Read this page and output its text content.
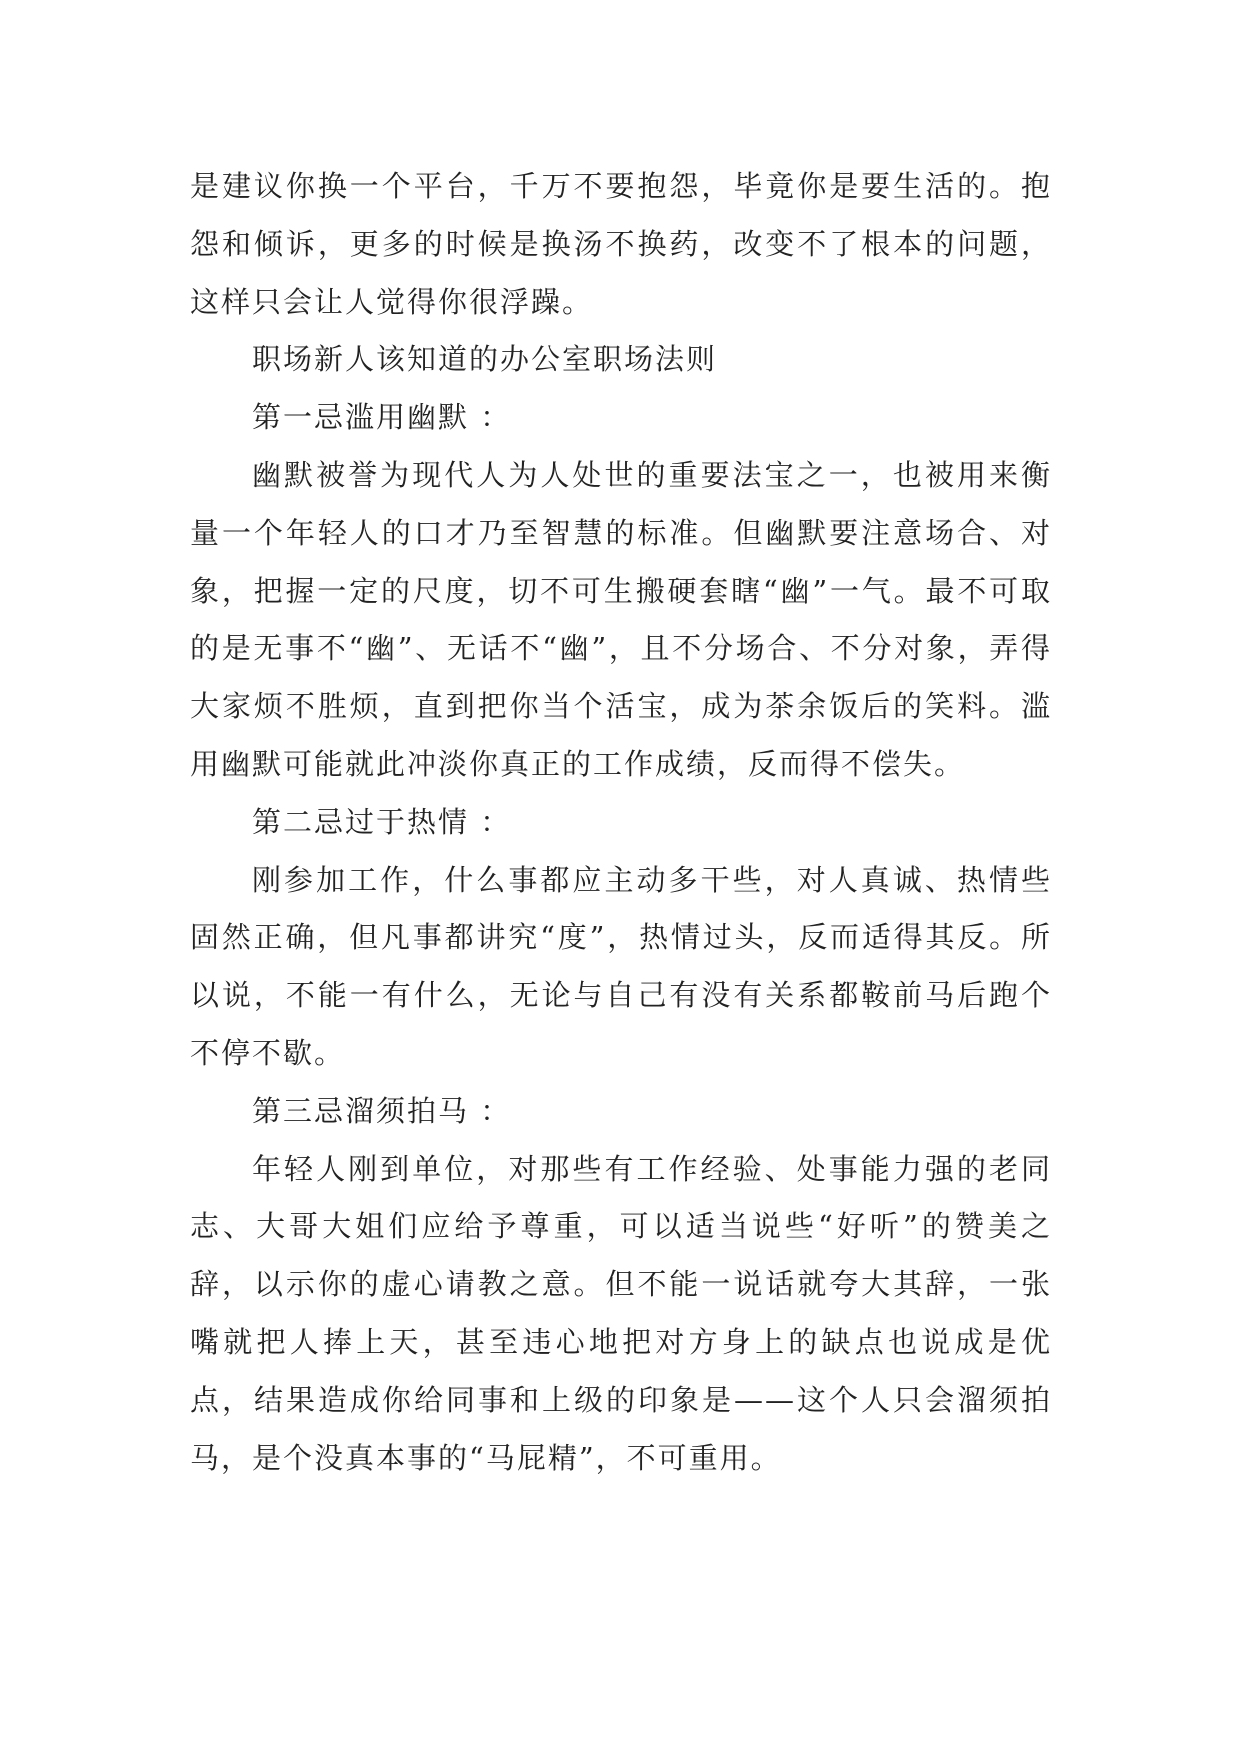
是建议你换一个平台，千万不要抱怨，毕竟你是要生活的。抱怨和倾诉，更多的时候是换汤不换药，改变不了根本的问题，这样只会让人觉得你很浮躁。

职场新人该知道的办公室职场法则

第一忌滥用幽默 ：

幽默被誉为现代人为人处世的重要法宝之一，也被用来衡量一个年轻人的口才乃至智慧的标准。但幽默要注意场合、对象，把握一定的尺度，切不可生搬硬套瞎“幽”一气。最不可取的是无事不“幽”、无话不“幽”，且不分场合、不分对象，弄得大家烦不胜烦，直到把你当个活宝，成为茶余饭后的笑料。滥用幽默可能就此冲淡你真正的工作成绩，反而得不偿失。

第二忌过于热情 ：

刚参加工作，什么事都应主动多干些，对人真诚、热情些固然正确，但凡事都讲究“度”，热情过头，反而适得其反。所以说，不能一有什么，无论与自己有没有关系都鞍前马后跑个不停不歇。

第三忌溜须拍马 ：

年轻人刚到单位，对那些有工作经验、处事能力强的老同志、大哥大姐们应给予尊重，可以适当说些“好听”的赞美之辞，以示你的虚心请教之意。但不能一说话就夸大其辞，一张嘴就把人捧上天，甚至违心地把对方身上的缺点也说成是优点，结果造成你给同事和上级的印象是——这个人只会溜须拍马，是个没真本事的“马屁精”，不可重用。
